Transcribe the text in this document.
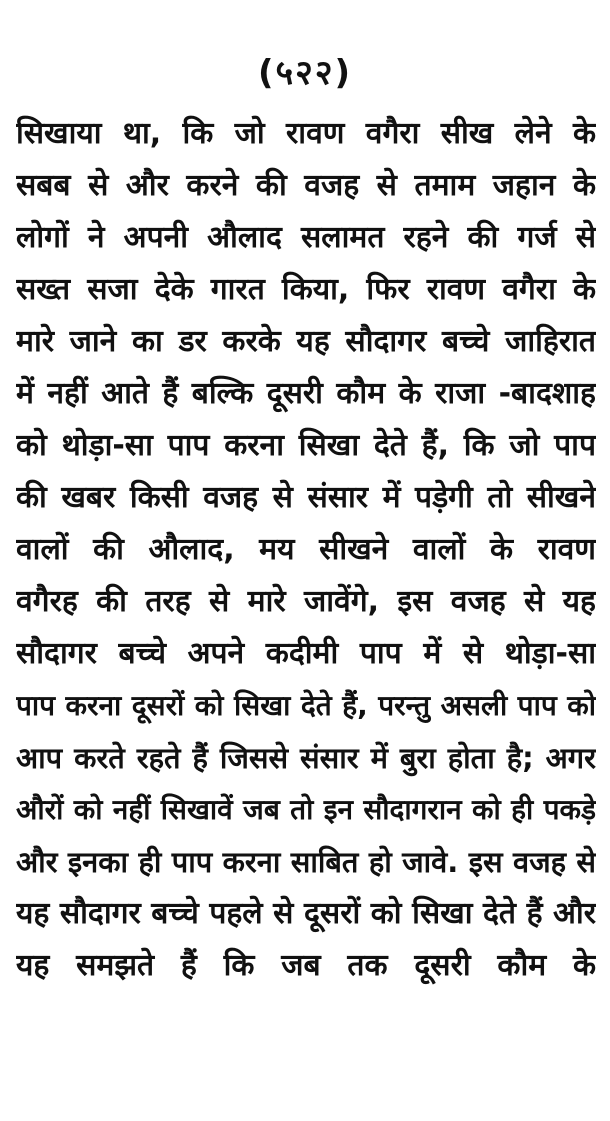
(५२२)
सिखाया था, कि जो रावण वगैरा सीख लेने के
सबब से और करने की वजह से तमाम जहान के
लोगों ने अपनी औलाद सलामत रहने की गर्ज से
सख्त सजा देके गारत किया, फिर रावण वगैरा के
मारे जाने का डर करके यह सौदागर बच्चे जाहिरात
में नहीं आते हैं बल्कि दूसरी कौम के राजा -बादशाह
को थोड़ा-सा पाप करना सिखा देते हैं, कि जो पाप
की खबर किसी वजह से संसार में पड़ेगी तो सीखने
वालों की औलाद, मय सीखने वालों के रावण
वगैरह की तरह से मारे जावेंगे, इस वजह से यह
सौदागर बच्चे अपने कदीमी पाप में से थोड़ा-सा
पाप करना दूसरों को सिखा देते हैं, परन्तु असली पाप को
आप करते रहते हैं जिससे संसार में बुरा होता है; अगर
औरों को नहीं सिखावें जब तो इन सौदागरान को ही पकड़े
और इनका ही पाप करना साबित हो जावे. इस वजह से
यह सौदागर बच्चे पहले से दूसरों को सिखा देते हैं और
यह समझते हैं कि जब तक दूसरी कौम के
